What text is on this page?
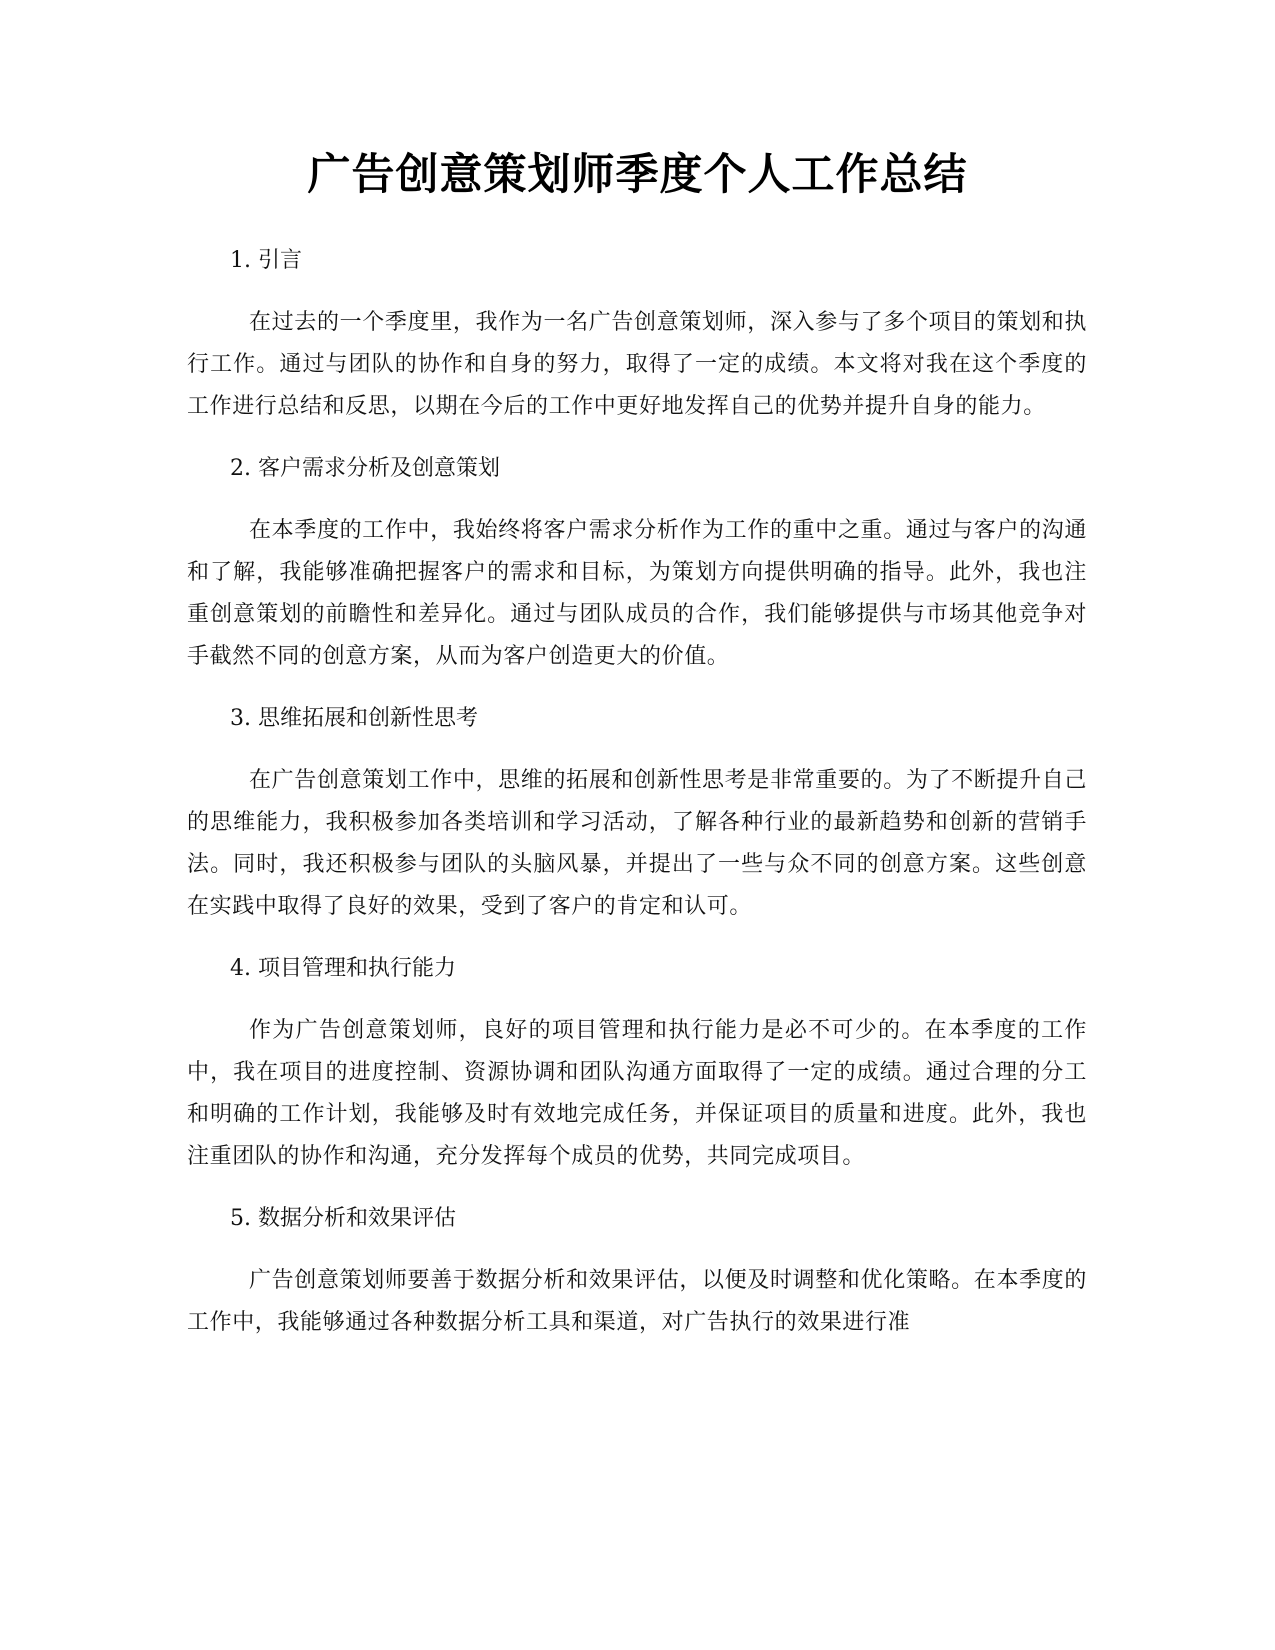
广告创意策划师季度个人工作总结
1. 引言

在过去的一个季度里，我作为一名广告创意策划师，深入参与了多个项目的策划和执行工作。通过与团队的协作和自身的努力，取得了一定的成绩。本文将对我在这个季度的工作进行总结和反思，以期在今后的工作中更好地发挥自己的优势并提升自身的能力。

2. 客户需求分析及创意策划

在本季度的工作中，我始终将客户需求分析作为工作的重中之重。通过与客户的沟通和了解，我能够准确把握客户的需求和目标，为策划方向提供明确的指导。此外，我也注重创意策划的前瞻性和差异化。通过与团队成员的合作，我们能够提供与市场其他竞争对手截然不同的创意方案，从而为客户创造更大的价值。

3. 思维拓展和创新性思考

在广告创意策划工作中，思维的拓展和创新性思考是非常重要的。为了不断提升自己的思维能力，我积极参加各类培训和学习活动，了解各种行业的最新趋势和创新的营销手法。同时，我还积极参与团队的头脑风暴，并提出了一些与众不同的创意方案。这些创意在实践中取得了良好的效果，受到了客户的肯定和认可。

4. 项目管理和执行能力

作为广告创意策划师，良好的项目管理和执行能力是必不可少的。在本季度的工作中，我在项目的进度控制、资源协调和团队沟通方面取得了一定的成绩。通过合理的分工和明确的工作计划，我能够及时有效地完成任务，并保证项目的质量和进度。此外，我也注重团队的协作和沟通，充分发挥每个成员的优势，共同完成项目。

5. 数据分析和效果评估

广告创意策划师要善于数据分析和效果评估，以便及时调整和优化策略。在本季度的工作中，我能够通过各种数据分析工具和渠道，对广告执行的效果进行准
